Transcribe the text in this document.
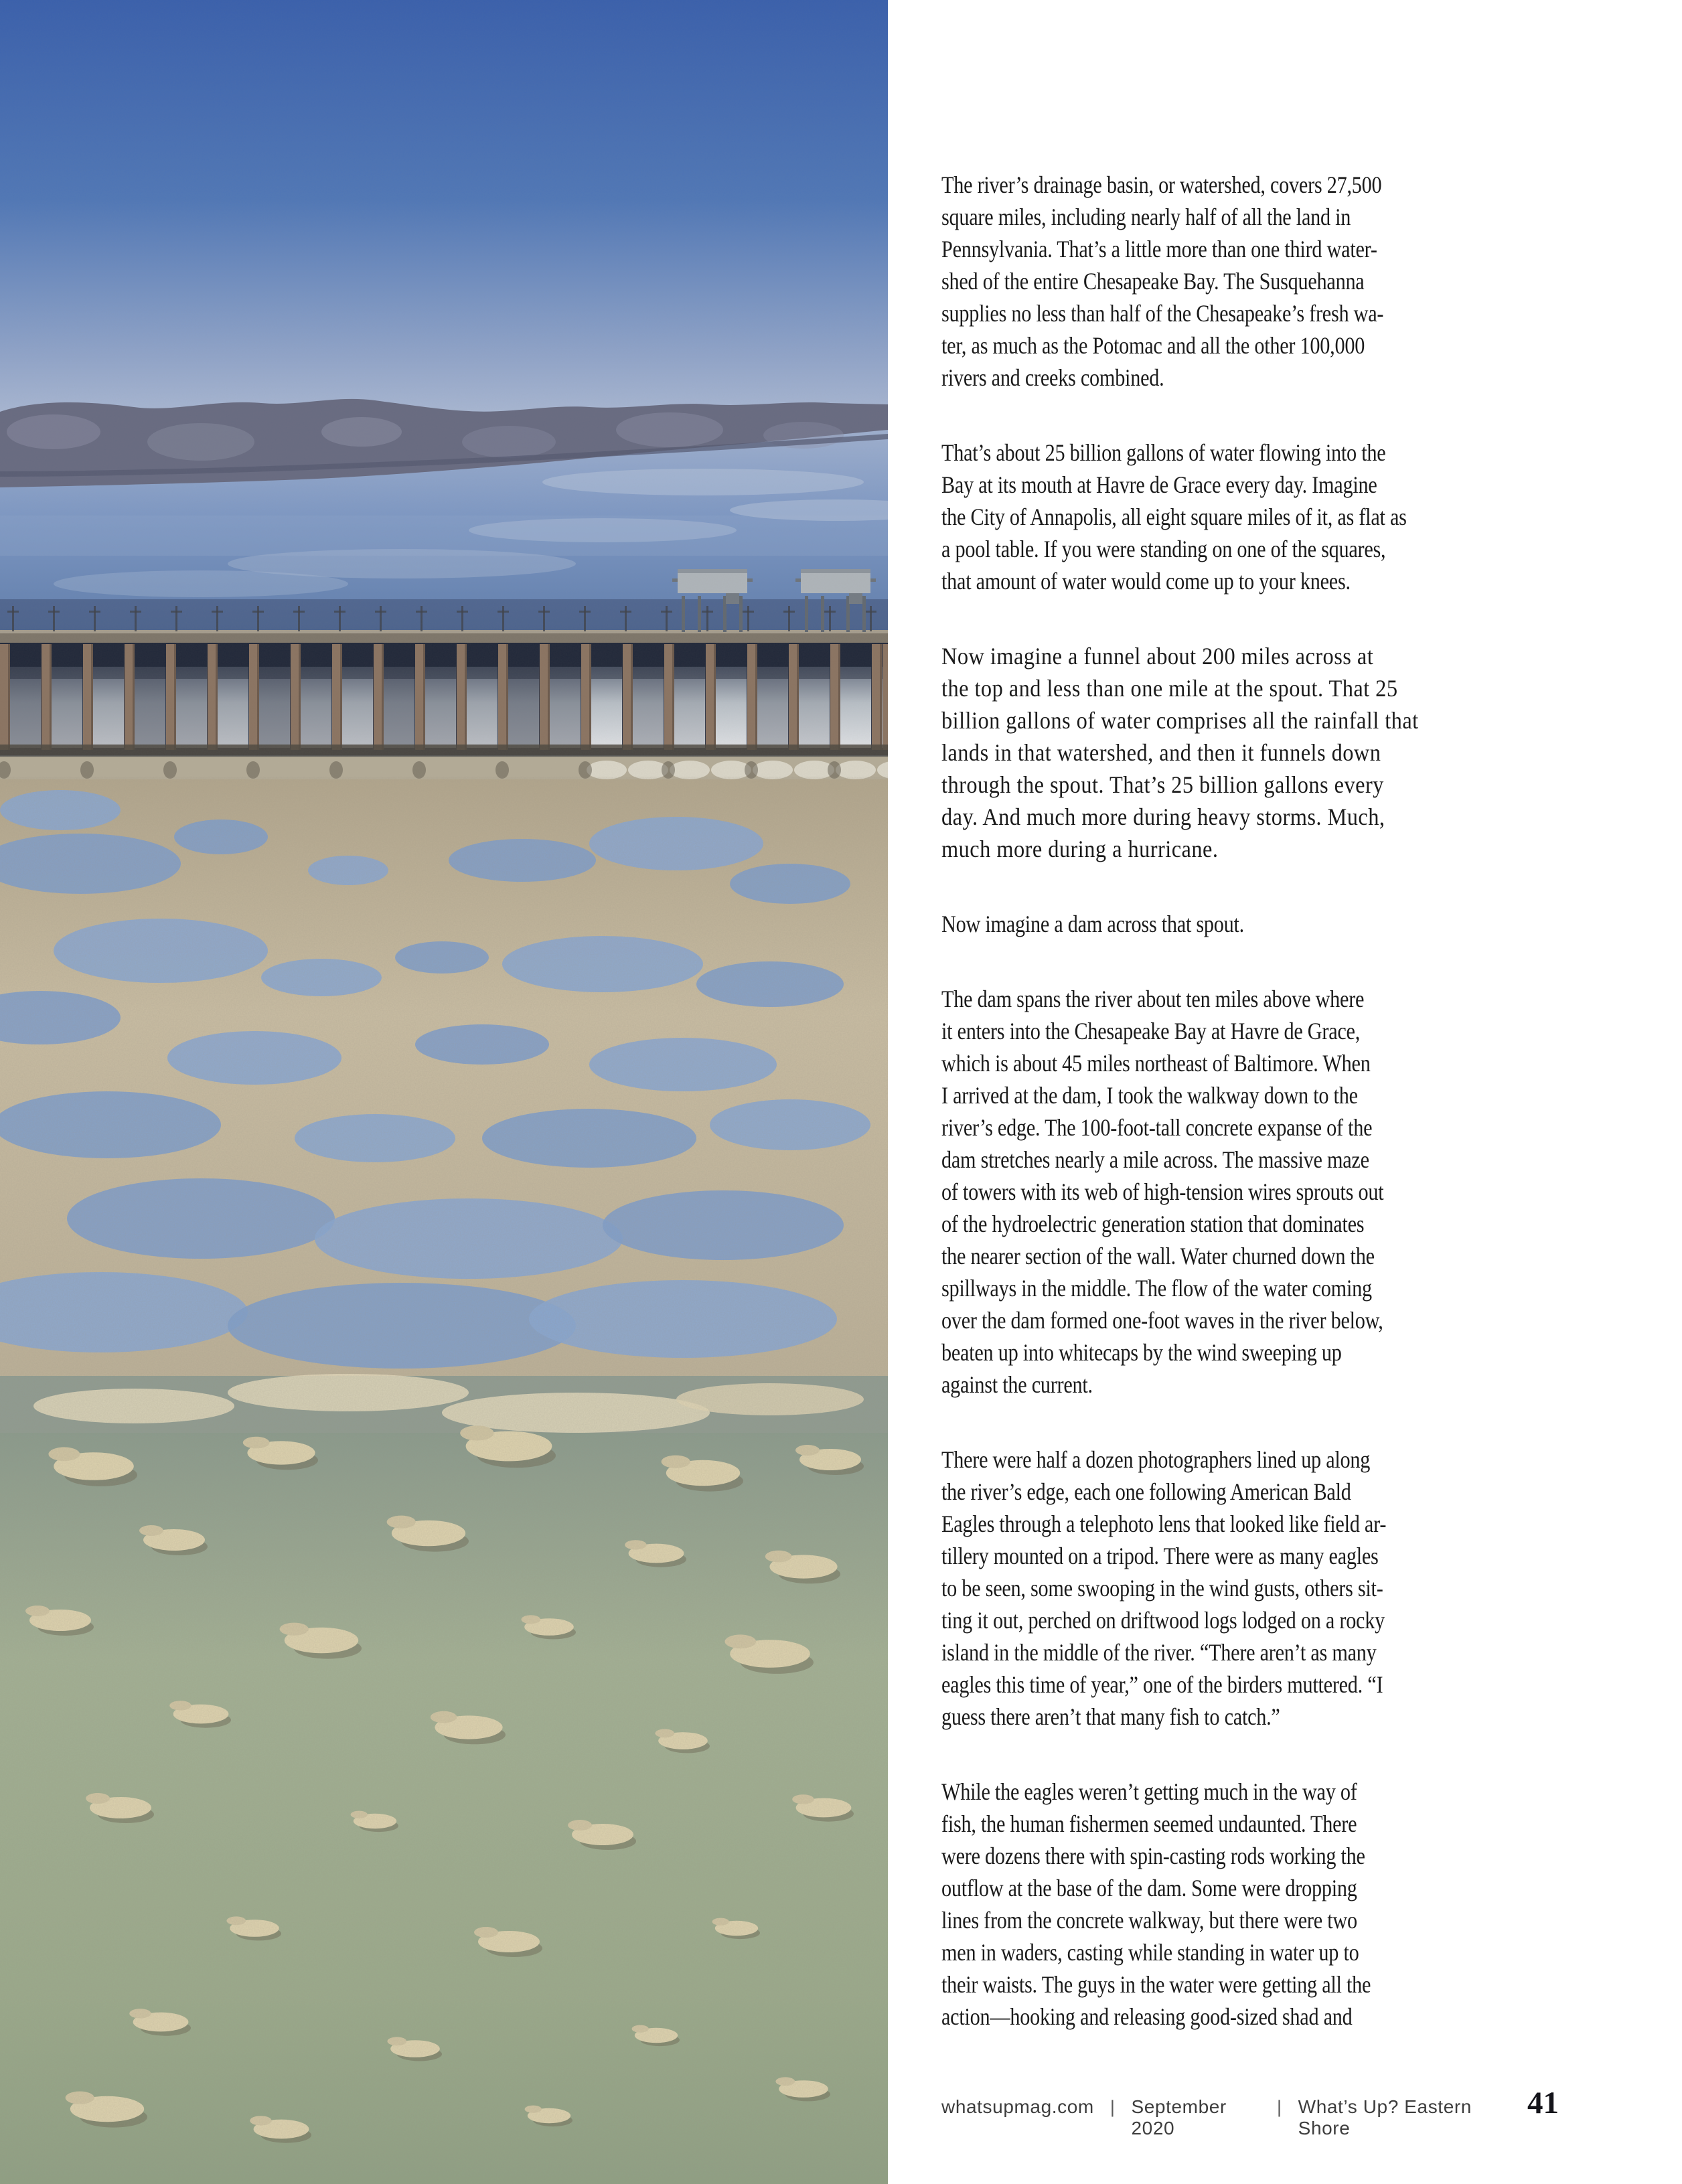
The river’s drainage basin, or watershed, covers 27,500
square miles, including nearly half of all the land in
Pennsylvania. That’s a little more than one third water-
shed of the entire Chesapeake Bay. The Susquehanna
supplies no less than half of the Chesapeake’s fresh wa-
ter, as much as the Potomac and all the other 100,000
rivers and creeks combined.

That’s about 25 billion gallons of water flowing into the
Bay at its mouth at Havre de Grace every day. Imagine
the City of Annapolis, all eight square miles of it, as flat as
a pool table. If you were standing on one of the squares,
that amount of water would come up to your knees.

Now imagine a funnel about 200 miles across at
the top and less than one mile at the spout. That 25
billion gallons of water comprises all the rainfall that
lands in that watershed, and then it funnels down
through the spout. That’s 25 billion gallons every
day. And much more during heavy storms. Much,
much more during a hurricane.

Now imagine a dam across that spout.

The dam spans the river about ten miles above where
it enters into the Chesapeake Bay at Havre de Grace,
which is about 45 miles northeast of Baltimore. When
I arrived at the dam, I took the walkway down to the
river’s edge. The 100-foot-tall concrete expanse of the
dam stretches nearly a mile across. The massive maze
of towers with its web of high-tension wires sprouts out
of the hydroelectric generation station that dominates
the nearer section of the wall. Water churned down the
spillways in the middle. The flow of the water coming
over the dam formed one-foot waves in the river below,
beaten up into whitecaps by the wind sweeping up
against the current.

There were half a dozen photographers lined up along
the river’s edge, each one following American Bald
Eagles through a telephoto lens that looked like field ar-
tillery mounted on a tripod. There were as many eagles
to be seen, some swooping in the wind gusts, others sit-
ting it out, perched on driftwood logs lodged on a rocky
island in the middle of the river. “There aren’t as many
eagles this time of year,” one of the birders muttered. “I
guess there aren’t that many fish to catch.”

While the eagles weren’t getting much in the way of
fish, the human fishermen seemed undaunted. There
were dozens there with spin-casting rods working the
outflow at the base of the dam. Some were dropping
lines from the concrete walkway, but there were two
men in waders, casting while standing in water up to
their waists. The guys in the water were getting all the
action—hooking and releasing good-sized shad and

whatsupmag.com | September 2020
| What’s Up? Eastern Shore
41
